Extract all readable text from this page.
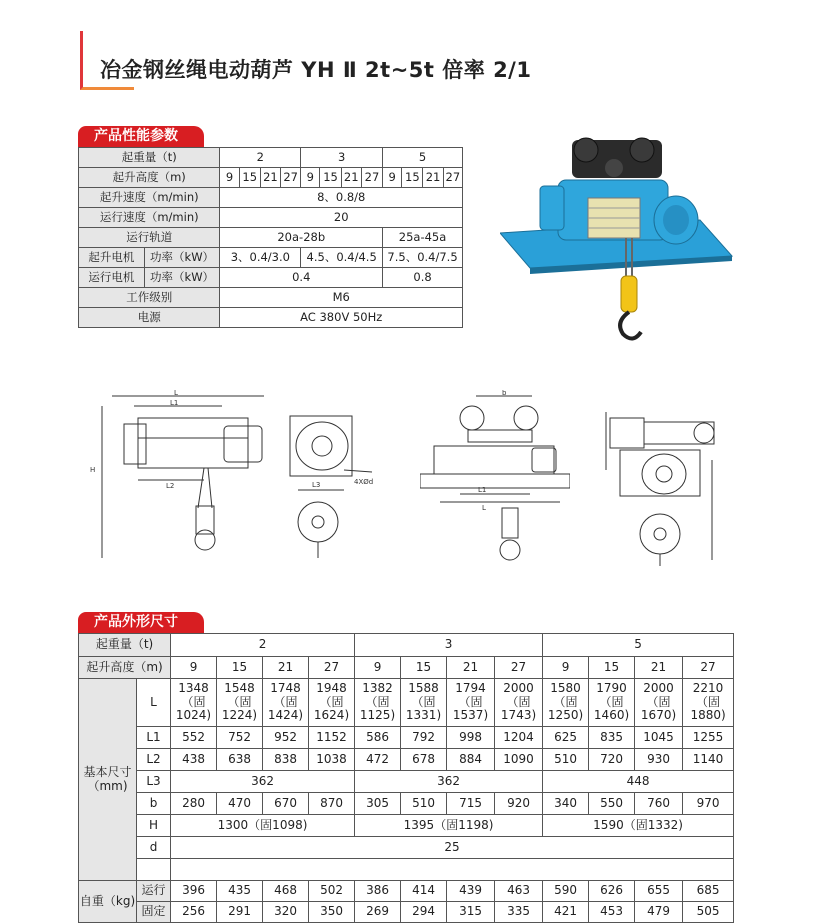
冶金钢丝绳电动葫芦 YH Ⅱ 2t~5t 倍率 2/1
产品性能参数
起重量（t)		2				3				5			
起升高度（m)		9	15	21	27	9	15	21	27	9	15	21	27
起升速度（m/min)		8、0.8/8											
运行速度（m/min)		20											
运行轨道		20a-28b								25a-45a			
起升电机	功率（kW）	3、0.4/3.0				4.5、0.4/4.5				7.5、0.4/7.5			
运行电机	功率（kW）	0.4								0.8			
工作级别		M6											
电源		AC 380V 50Hz											
L
L1
L2
H
4XØd
L3
b
L1
L
产品外形尺寸
起重量（t)		2				3				5			
起升高度（m)		9	15	21	27	9	15	21	27	9	15	21	27
基本尺寸（mm)	L	1348（固1024)	1548（固1224)	1748（固1424)	1948（固1624)	1382（固1125)	1588（固1331)	1794（固1537)	2000（固1743)	1580（固1250)	1790（固1460)	2000（固1670)	2210（固1880)
	L1	552	752	952	1152	586	792	998	1204	625	835	1045	1255
	L2	438	638	838	1038	472	678	884	1090	510	720	930	1140
	L3	362				362				448			
	b	280	470	670	870	305	510	715	920	340	550	760	970
	H	1300（固1098)				1395（固1198)				1590（固1332)			
	d	25											

自重（kg)	运行	396	435	468	502	386	414	439	463	590	626	655	685
	固定	256	291	320	350	269	294	315	335	421	453	479	505
